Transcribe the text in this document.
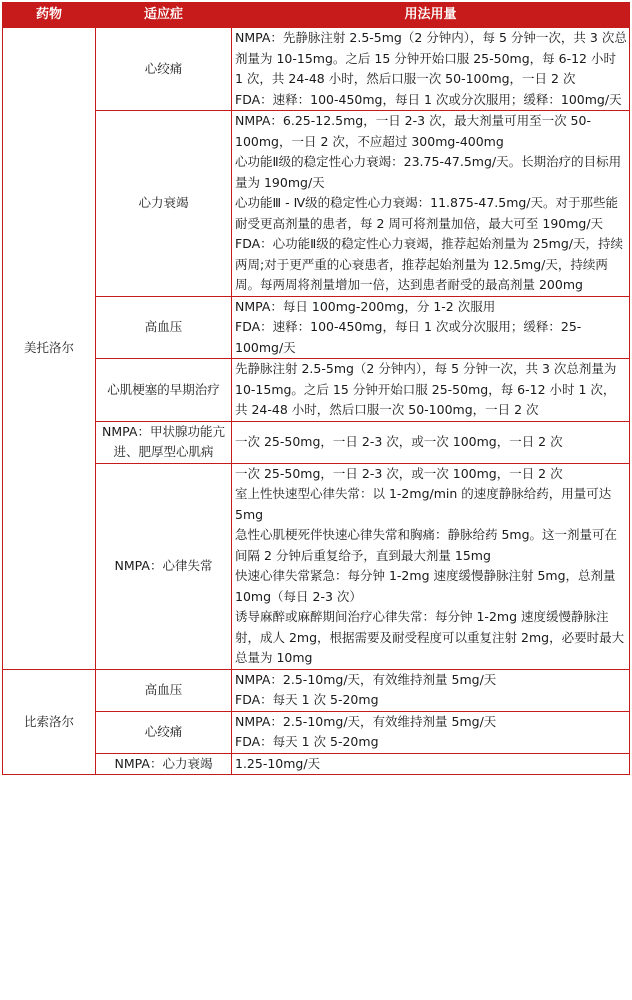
药物	适应症	用法用量
美托洛尔	心绞痛	NMPA：先静脉注射 2.5-5mg（2 分钟内），每 5 分钟一次，共 3 次总剂量为 10-15mg。之后 15 分钟开始口服 25-50mg，每 6-12 小时 1 次，共 24-48 小时，然后口服一次 50-100mg，一日 2 次

FDA：速释：100-450mg，每日 1 次或分次服用；缓释：100mg/天

	心力衰竭	NMPA：6.25-12.5mg，一日 2-3 次，最大剂量可用至一次 50-100mg，一日 2 次，不应超过 300mg-400mg

心功能Ⅱ级的稳定性心力衰竭：23.75-47.5mg/天。长期治疗的目标用量为 190mg/天

心功能Ⅲ - Ⅳ级的稳定性心力衰竭：11.875-47.5mg/天。对于那些能耐受更高剂量的患者，每 2 周可将剂量加倍，最大可至 190mg/天

FDA：心功能Ⅱ级的稳定性心力衰竭，推荐起始剂量为 25mg/天，持续两周;对于更严重的心衰患者，推荐起始剂量为 12.5mg/天，持续两周。每两周将剂量增加一倍，达到患者耐受的最高剂量 200mg

	高血压	NMPA：每日 100mg-200mg，分 1-2 次服用

FDA：速释：100-450mg，每日 1 次或分次服用；缓释：25-100mg/天

	心肌梗塞的早期治疗	先静脉注射 2.5-5mg（2 分钟内），每 5 分钟一次，共 3 次总剂量为 10-15mg。之后 15 分钟开始口服 25-50mg，每 6-12 小时 1 次，共 24-48 小时，然后口服一次 50-100mg，一日 2 次

	NMPA：甲状腺功能亢进、肥厚型心肌病	一次 25-50mg，一日 2-3 次，或一次 100mg，一日 2 次

	NMPA：心律失常	一次 25-50mg，一日 2-3 次，或一次 100mg，一日 2 次

室上性快速型心律失常：以 1-2mg/min 的速度静脉给药，用量可达 5mg

急性心肌梗死伴快速心律失常和胸痛：静脉给药 5mg。这一剂量可在间隔 2 分钟后重复给予，直到最大剂量 15mg

快速心律失常紧急：每分钟 1-2mg 速度缓慢静脉注射 5mg，总剂量 10mg（每日 2-3 次）

诱导麻醉或麻醉期间治疗心律失常：每分钟 1-2mg 速度缓慢静脉注射，成人 2mg，根据需要及耐受程度可以重复注射 2mg，必要时最大总量为 10mg

比索洛尔	高血压	NMPA：2.5-10mg/天，有效维持剂量 5mg/天

FDA：每天 1 次 5-20mg

	心绞痛	NMPA：2.5-10mg/天，有效维持剂量 5mg/天

FDA：每天 1 次 5-20mg

	NMPA：心力衰竭	1.25-10mg/天
